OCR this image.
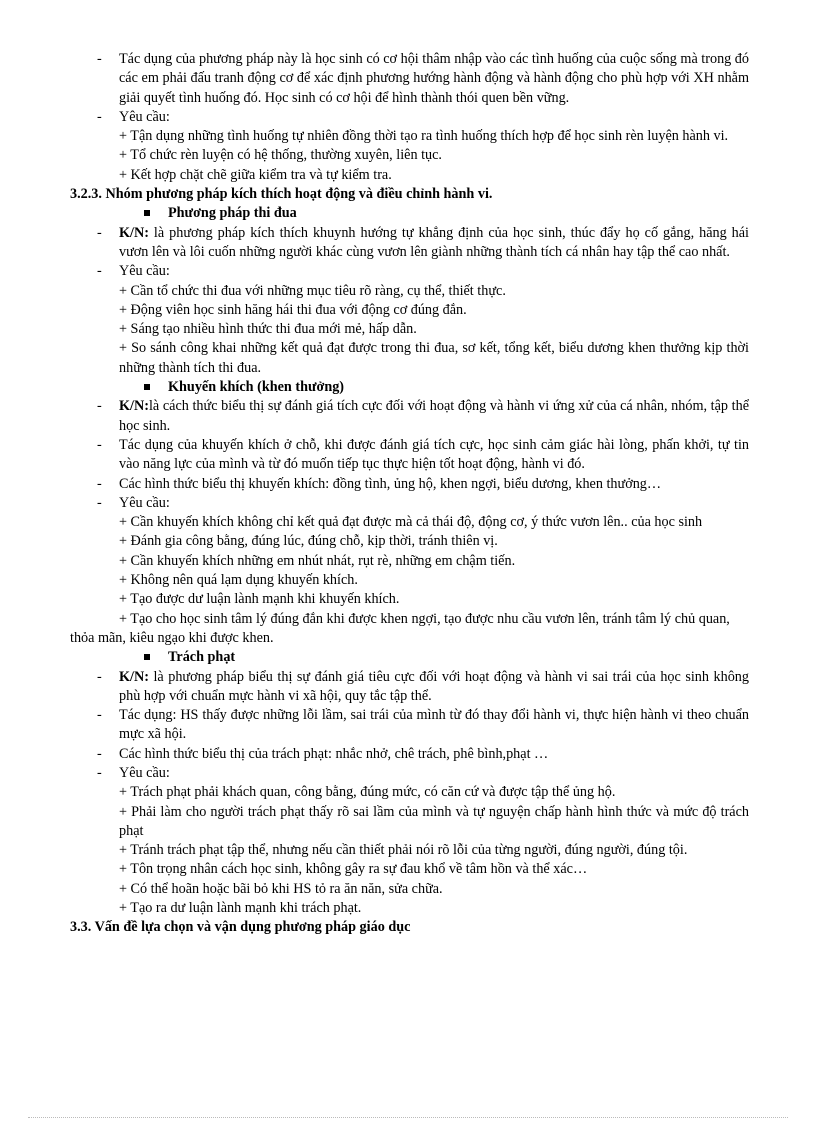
- Tác dụng của phương pháp này là học sinh có cơ hội thâm nhập vào các tình huống của cuộc sống mà trong đó các em phải đấu tranh động cơ để xác định phương hướng hành động và hành động cho phù hợp với XH nhằm giải quyết tình huống đó. Học sinh có cơ hội để hình thành thói quen bền vững.
- Yêu cầu:
+ Tận dụng những tình huống tự nhiên đồng thời tạo ra tình huống thích hợp để học sinh rèn luyện hành vi.
+ Tổ chức rèn luyện có hệ thống, thường xuyên, liên tục.
+ Kết hợp chặt chẽ giữa kiểm tra và tự kiểm tra.
3.2.3. Nhóm phương pháp kích thích hoạt động và điều chỉnh hành vi.
Phương pháp thi đua
- K/N: là phương pháp kích thích khuynh hướng tự khẳng định của học sinh, thúc đẩy họ cố gắng, hăng hái vươn lên và lôi cuốn những người khác cùng vươn lên giành những thành tích cá nhân hay tập thể cao nhất.
- Yêu cầu:
+ Cần tổ chức thi đua với những mục tiêu rõ ràng, cụ thể, thiết thực.
+ Động viên học sinh hăng hái thi đua với động cơ đúng đắn.
+ Sáng tạo nhiều hình thức thi đua mới mẻ, hấp dẫn.
+ So sánh công khai những kết quả đạt được trong thi đua, sơ kết, tổng kết, biểu dương khen thưởng kịp thời những thành tích thi đua.
Khuyến khích (khen thưởng)
- K/N:là cách thức biểu thị sự đánh giá tích cực đối với hoạt động và hành vi ứng xử của cá nhân, nhóm, tập thể học sinh.
- Tác dụng của khuyến khích ở chỗ, khi được đánh giá tích cực, học sinh cảm giác hài lòng, phấn khởi, tự tin vào năng lực của mình và từ đó muốn tiếp tục thực hiện tốt hoạt động, hành vi đó.
- Các hình thức biểu thị khuyến khích: đồng tình, ủng hộ, khen ngợi, biểu dương, khen thưởng…
- Yêu cầu:
+ Cần khuyến khích không chỉ kết quả đạt được mà cả thái độ, động cơ, ý thức vươn lên.. của học sinh
+ Đánh gia công bằng, đúng lúc, đúng chỗ, kịp thời, tránh thiên vị.
+ Cần khuyến khích những em nhút nhát, rụt rè, những em chậm tiến.
+ Không nên quá lạm dụng khuyến khích.
+ Tạo được dư luận lành mạnh khi khuyến khích.
+ Tạo cho học sinh tâm lý đúng đắn khi được khen ngợi, tạo được nhu cầu vươn lên, tránh tâm lý chủ quan, thỏa mãn, kiêu ngạo khi được khen.
Trách phạt
- K/N: là phương pháp biểu thị sự đánh giá tiêu cực đối với hoạt động và hành vi sai trái của học sinh không phù hợp với chuẩn mực hành vi xã hội, quy tắc tập thể.
- Tác dụng: HS thấy được những lỗi lầm, sai trái của mình từ đó thay đổi hành vi, thực hiện hành vi theo chuẩn mực xã hội.
- Các hình thức biểu thị của trách phạt: nhắc nhở, chê trách, phê bình,phạt …
- Yêu cầu:
+ Trách phạt phải khách quan, công bằng, đúng mức, có căn cứ và được tập thể ủng hộ.
+ Phải làm cho người trách phạt thấy rõ sai lầm của mình và tự nguyện chấp hành hình thức và mức độ trách phạt
+ Tránh trách phạt tập thể, nhưng nếu cần thiết phải nói rõ lỗi của từng người, đúng người, đúng tội.
+ Tôn trọng nhân cách học sinh, không gây ra sự đau khổ về tâm hồn và thể xác…
+ Có thể hoãn hoặc bãi bỏ khi HS tỏ ra ăn năn, sửa chữa.
+ Tạo ra dư luận lành mạnh khi trách phạt.
3.3. Vấn đề lựa chọn và vận dụng phương pháp giáo dục
